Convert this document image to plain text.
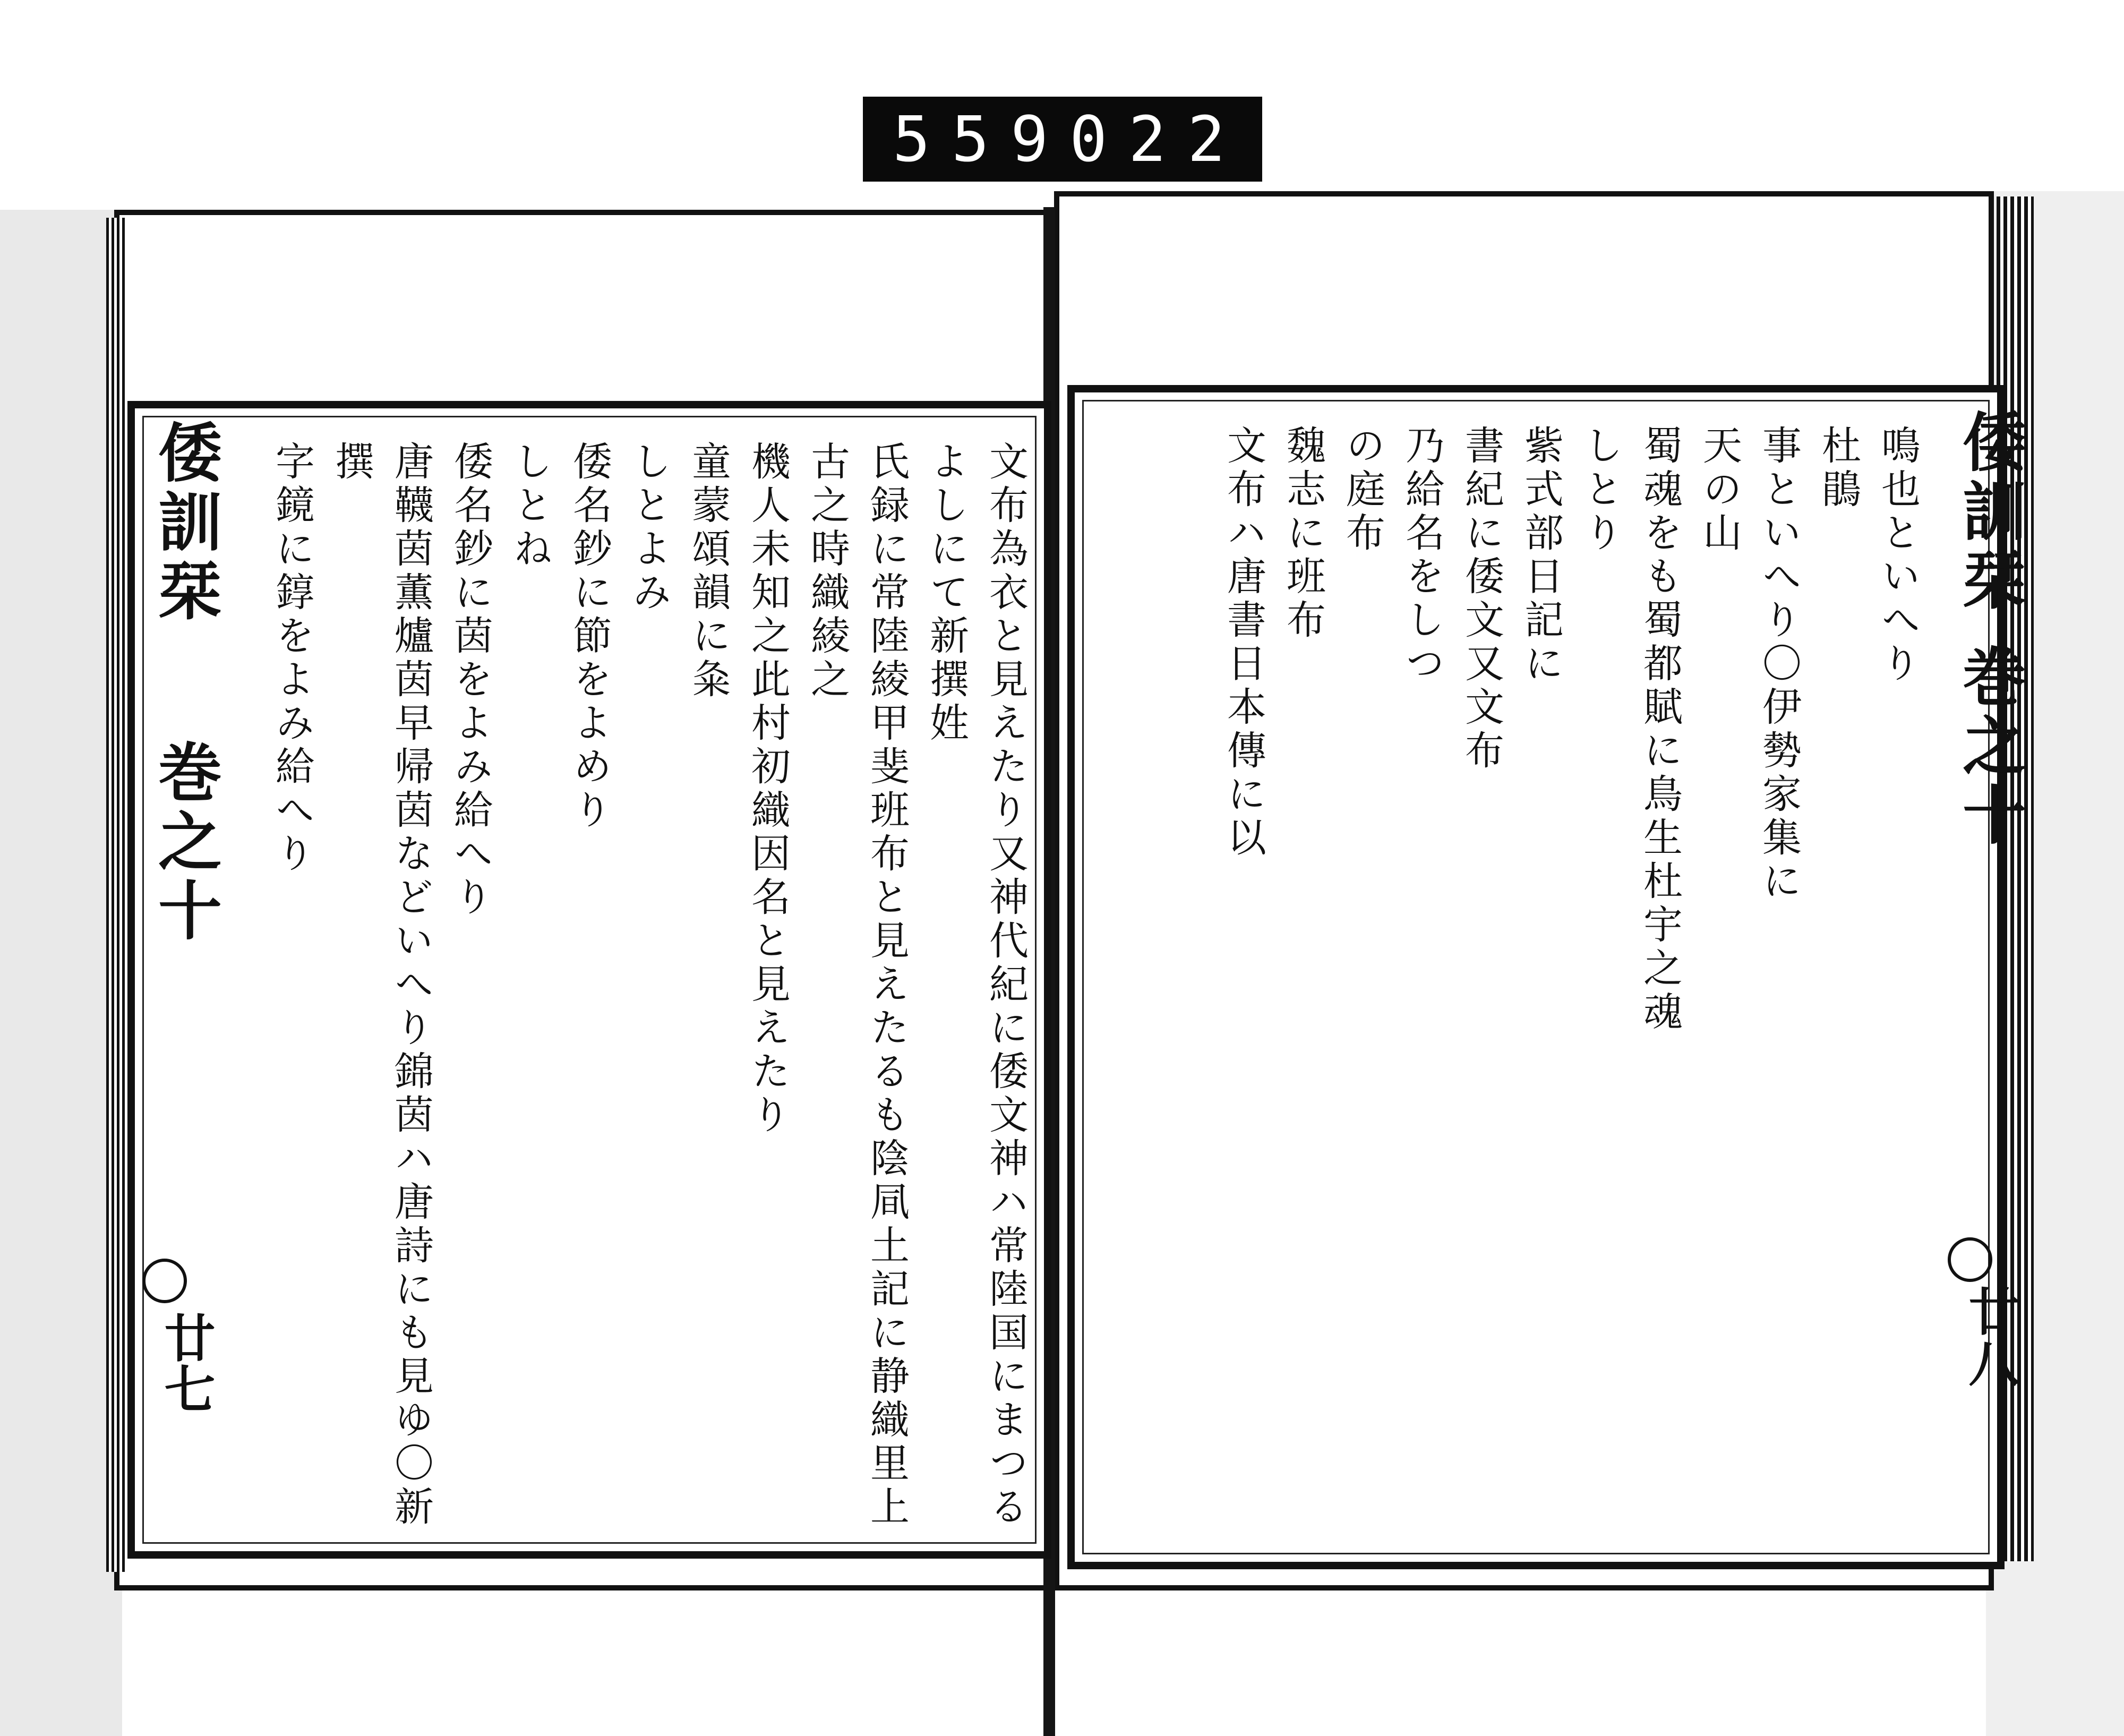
559 022
倭訓栞 巻之十
廿七
倭訓栞 巻之十
廿八

文布為衣と見えたり又神代紀に倭文神ハ常陸国にまつるよしにて新撰姓

氏録に常陸綾甲斐班布と見えたるも陰凬土記に静織里上古之時織綾之

機人未知之此村初織因名と見えたり

童蒙頌韻に粂

しとよみ

倭名鈔に節をよめり

しとね

倭名鈔に茵をよみ給へり

唐韈茵薫爐茵早帰茵などいへり錦茵ハ唐詩にも見ゆ〇新撰

字鏡に錞をよみ給へり	鳴也といへり

杜鵑

事といへり〇伊勢家集に

天の山

蜀魂をも蜀都賦に鳥生杜宇之魂

しとり

紫式部日記に

書紀に倭文又文布

乃給名をしつ

の庭布

魏志に班布

文布ハ唐書日本傳に以
